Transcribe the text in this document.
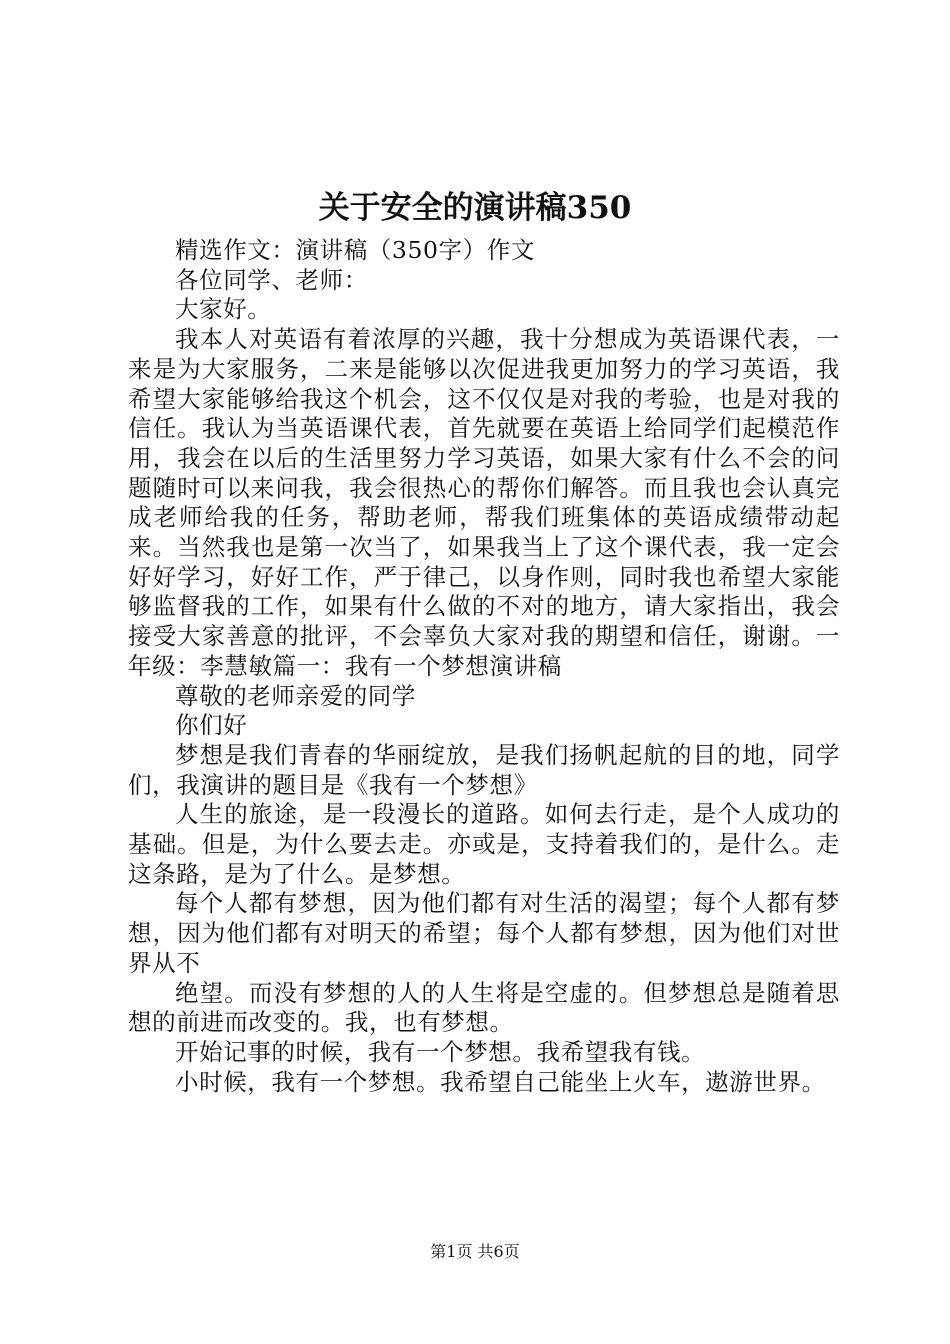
关于安全的演讲稿350

精选作文：演讲稿（350字）作文

各位同学、老师：

大家好。

我本人对英语有着浓厚的兴趣，我十分想成为英语课代表，一来是为大家服务，二来是能够以次促进我更加努力的学习英语，我希望大家能够给我这个机会，这不仅仅是对我的考验，也是对我的信任。我认为当英语课代表，首先就要在英语上给同学们起模范作用，我会在以后的生活里努力学习英语，如果大家有什么不会的问题随时可以来问我，我会很热心的帮你们解答。而且我也会认真完成老师给我的任务，帮助老师，帮我们班集体的英语成绩带动起来。当然我也是第一次当了，如果我当上了这个课代表，我一定会好好学习，好好工作，严于律己，以身作则，同时我也希望大家能够监督我的工作，如果有什么做的不对的地方，请大家指出，我会接受大家善意的批评，不会辜负大家对我的期望和信任，谢谢。一年级：李慧敏篇一：我有一个梦想演讲稿

尊敬的老师亲爱的同学

你们好

梦想是我们青春的华丽绽放，是我们扬帆起航的目的地，同学们，我演讲的题目是《我有一个梦想》

人生的旅途，是一段漫长的道路。如何去行走，是个人成功的基础。但是，为什么要去走。亦或是，支持着我们的，是什么。走这条路，是为了什么。是梦想。

每个人都有梦想，因为他们都有对生活的渴望；每个人都有梦想，因为他们都有对明天的希望；每个人都有梦想，因为他们对世界从不

绝望。而没有梦想的人的人生将是空虚的。但梦想总是随着思想的前进而改变的。我，也有梦想。

开始记事的时候，我有一个梦想。我希望我有钱。

小时候，我有一个梦想。我希望自己能坐上火车，遨游世界。

第1页 共6页
